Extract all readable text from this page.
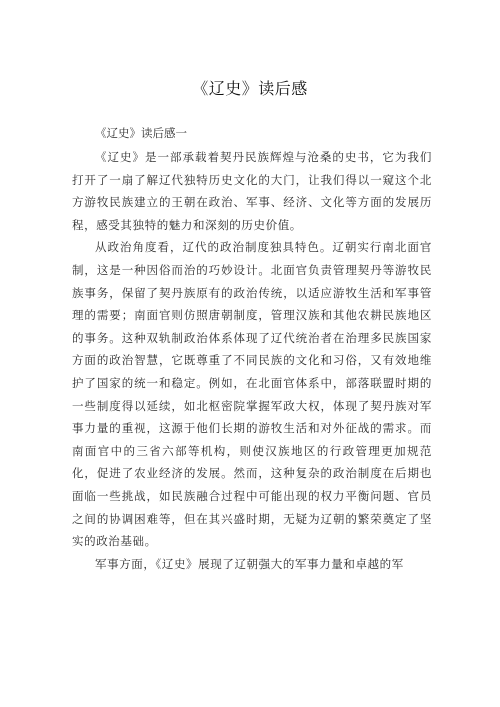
《辽史》读后感

《辽史》读后感一

《辽史》是一部承载着契丹民族辉煌与沧桑的史书，它为我们打开了一扇了解辽代独特历史文化的大门，让我们得以一窥这个北方游牧民族建立的王朝在政治、军事、经济、文化等方面的发展历程，感受其独特的魅力和深刻的历史价值。

从政治角度看，辽代的政治制度独具特色。辽朝实行南北面官制，这是一种因俗而治的巧妙设计。北面官负责管理契丹等游牧民族事务，保留了契丹族原有的政治传统，以适应游牧生活和军事管理的需要；南面官则仿照唐朝制度，管理汉族和其他农耕民族地区的事务。这种双轨制政治体系体现了辽代统治者在治理多民族国家方面的政治智慧，它既尊重了不同民族的文化和习俗，又有效地维护了国家的统一和稳定。例如，在北面官体系中，部落联盟时期的一些制度得以延续，如北枢密院掌握军政大权，体现了契丹族对军事力量的重视，这源于他们长期的游牧生活和对外征战的需求。而南面官中的三省六部等机构，则使汉族地区的行政管理更加规范化，促进了农业经济的发展。然而，这种复杂的政治制度在后期也面临一些挑战，如民族融合过程中可能出现的权力平衡问题、官员之间的协调困难等，但在其兴盛时期，无疑为辽朝的繁荣奠定了坚实的政治基础。

军事方面，《辽史》展现了辽朝强大的军事力量和卓越的军
